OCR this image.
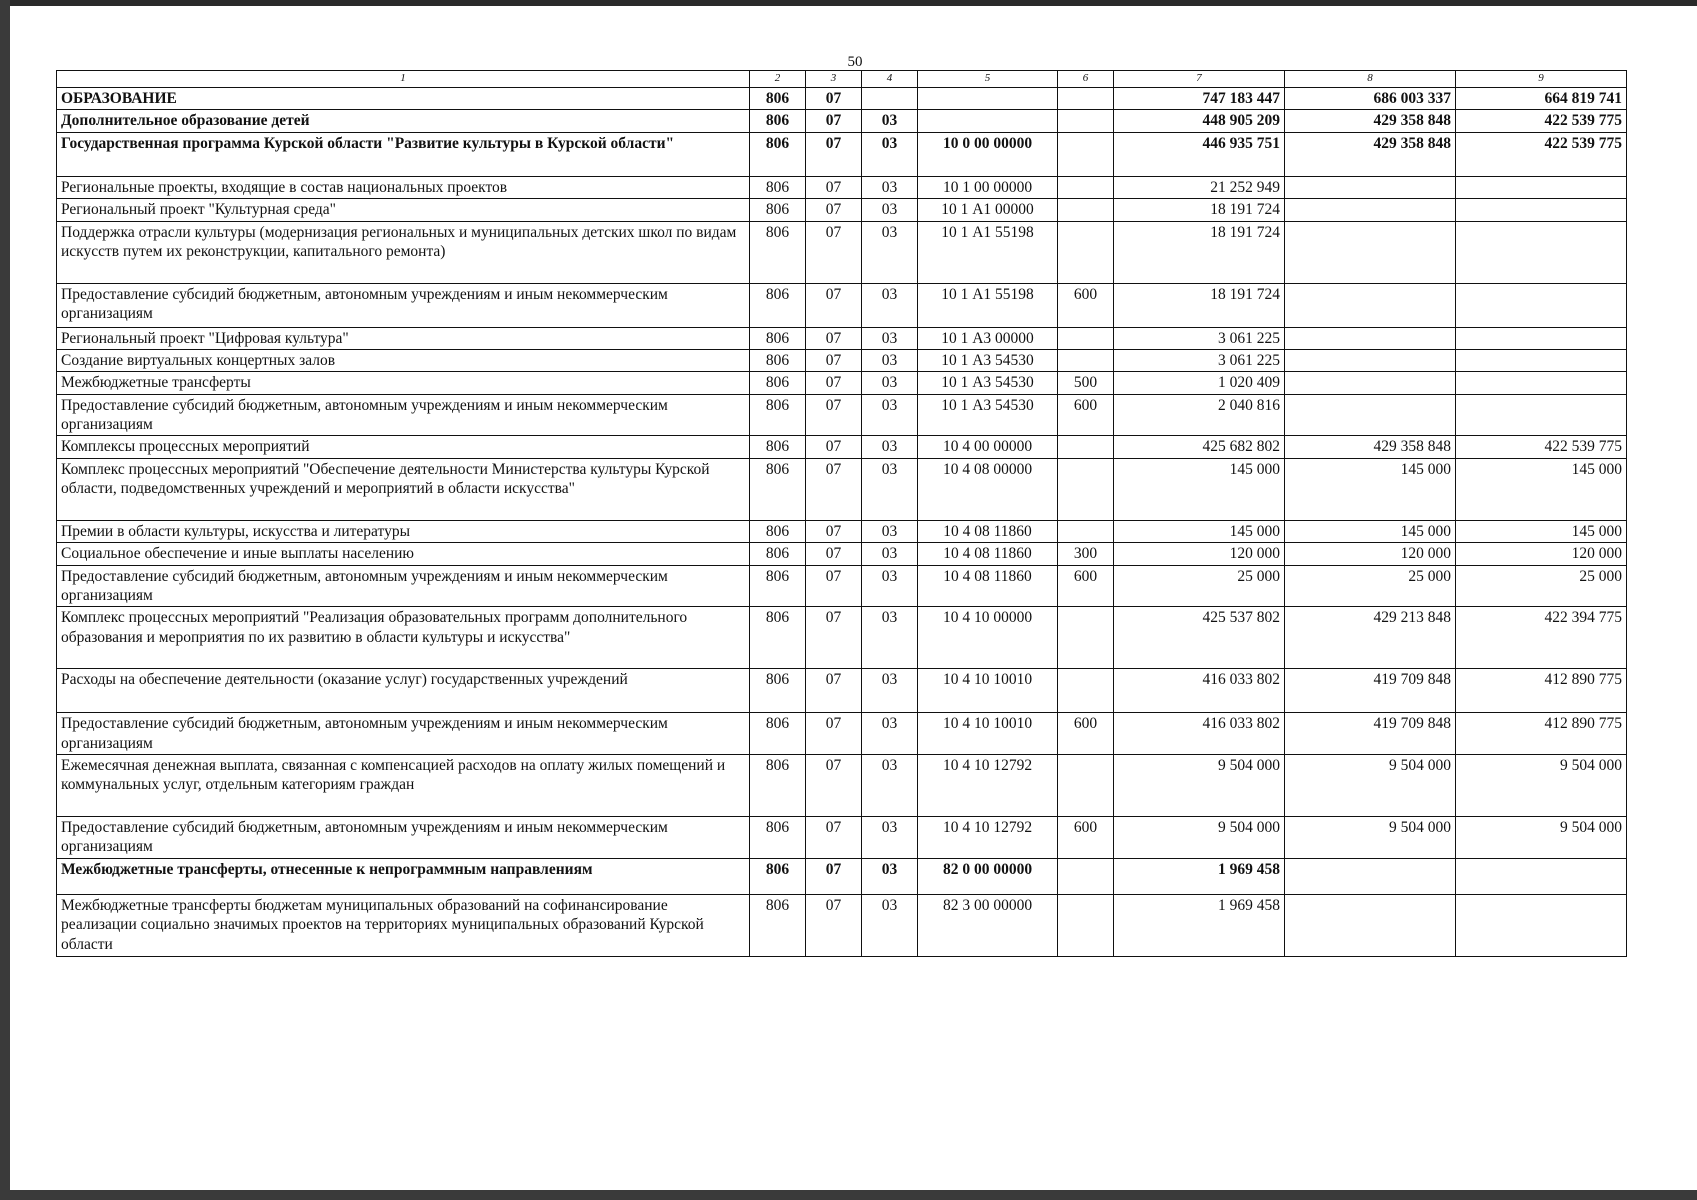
50
1	2	3	4	5	6	7	8	9
ОБРАЗОВАНИЕ	806	07				747 183 447	686 003 337	664 819 741
Дополнительное образование детей	806	07	03			448 905 209	429 358 848	422 539 775
Государственная программа Курской области "Развитие культуры в Курской области"	806	07	03	10 0 00 00000		446 935 751	429 358 848	422 539 775
Региональные проекты, входящие в состав национальных проектов	806	07	03	10 1 00 00000		21 252 949		
Региональный проект "Культурная среда"	806	07	03	10 1 А1 00000		18 191 724		
Поддержка отрасли культуры (модернизация региональных и муниципальных детских школ по видам искусств путем их реконструкции, капитального ремонта)	806	07	03	10 1 А1 55198		18 191 724		
Предоставление субсидий бюджетным, автономным учреждениям и иным некоммерческим организациям	806	07	03	10 1 А1 55198	600	18 191 724		
Региональный проект "Цифровая культура"	806	07	03	10 1 А3 00000		3 061 225		
Создание виртуальных концертных залов	806	07	03	10 1 А3 54530		3 061 225		
Межбюджетные трансферты	806	07	03	10 1 А3 54530	500	1 020 409		
Предоставление субсидий бюджетным, автономным учреждениям и иным некоммерческим организациям	806	07	03	10 1 А3 54530	600	2 040 816		
Комплексы процессных мероприятий	806	07	03	10 4 00 00000		425 682 802	429 358 848	422 539 775
Комплекс процессных мероприятий "Обеспечение деятельности Министерства культуры Курской области, подведомственных учреждений и мероприятий в области искусства"	806	07	03	10 4 08 00000		145 000	145 000	145 000
Премии в области культуры, искусства и литературы	806	07	03	10 4 08 11860		145 000	145 000	145 000
Социальное обеспечение и иные выплаты населению	806	07	03	10 4 08 11860	300	120 000	120 000	120 000
Предоставление субсидий бюджетным, автономным учреждениям и иным некоммерческим организациям	806	07	03	10 4 08 11860	600	25 000	25 000	25 000
Комплекс процессных мероприятий "Реализация образовательных программ дополнительного образования и мероприятия по их развитию в области культуры и искусства"	806	07	03	10 4 10 00000		425 537 802	429 213 848	422 394 775
Расходы на обеспечение деятельности (оказание услуг) государственных учреждений	806	07	03	10 4 10 10010		416 033 802	419 709 848	412 890 775
Предоставление субсидий бюджетным, автономным учреждениям и иным некоммерческим организациям	806	07	03	10 4 10 10010	600	416 033 802	419 709 848	412 890 775
Ежемесячная денежная выплата, связанная с компенсацией расходов на оплату жилых помещений и коммунальных услуг, отдельным категориям граждан	806	07	03	10 4 10 12792		9 504 000	9 504 000	9 504 000
Предоставление субсидий бюджетным, автономным учреждениям и иным некоммерческим организациям	806	07	03	10 4 10 12792	600	9 504 000	9 504 000	9 504 000
Межбюджетные трансферты, отнесенные к непрограммным направлениям	806	07	03	82 0 00 00000		1 969 458		
Межбюджетные трансферты бюджетам муниципальных образований на софинансирование реализации социально значимых проектов на территориях муниципальных образований Курской области	806	07	03	82 3 00 00000		1 969 458		
